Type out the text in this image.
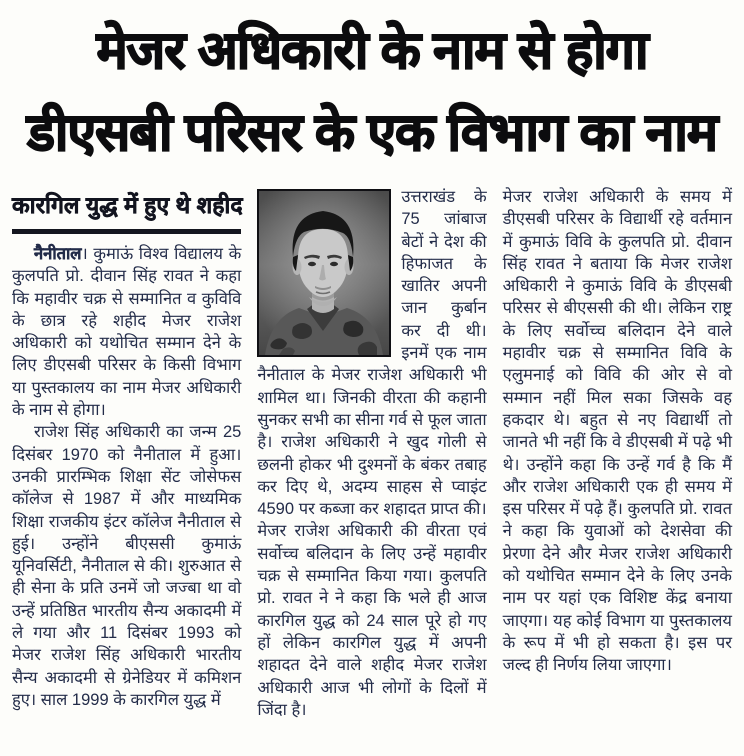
मेजर अधिकारी के नाम से होगा
डीएसबी परिसर के एक विभाग का नाम
कारगिल युद्ध में हुए थे शहीद

नैनीताल। कुमाऊं विश्व विद्यालय के कुलपति प्रो. दीवान सिंह रावत ने कहा कि महावीर चक्र से सम्मानित व कुविवि के छात्र रहे शहीद मेजर राजेश अधिकारी को यथोचित सम्मान देने के लिए डीएसबी परिसर के किसी विभाग या पुस्तकालय का नाम मेजर अधिकारी के नाम से होगा।

राजेश सिंह अधिकारी का जन्म 25 दिसंबर 1970 को नैनीताल में हुआ। उनकी प्रारम्भिक शिक्षा सेंट जोसेफस कॉलेज से 1987 में और माध्यमिक शिक्षा राजकीय इंटर कॉलेज नैनीताल से हुई। उन्होंने बीएससी कुमाऊं यूनिवर्सिटी, नैनीताल से की। शुरुआत से ही सेना के प्रति उनमें जो जज्बा था वो उन्हें प्रतिष्ठित भारतीय सैन्य अकादमी में ले गया और 11 दिसंबर 1993 को मेजर राजेश सिंह अधिकारी भारतीय सैन्य अकादमी से ग्रेनेडियर में कमिशन हुए। साल 1999 के कारगिल युद्ध में

उत्तराखंड के 75 जांबाज बेटों ने देश की हिफाजत के खातिर अपनी जान कुर्बान कर दी थी। इनमें एक नाम नैनीताल के मेजर राजेश अधिकारी भी शामिल था। जिनकी वीरता की कहानी सुनकर सभी का सीना गर्व से फूल जाता है। राजेश अधिकारी ने खुद गोली से छलनी होकर भी दुश्मनों के बंकर तबाह कर दिए थे, अदम्य साहस से प्वाइंट 4590 पर कब्जा कर शहादत प्राप्त की। मेजर राजेश अधिकारी की वीरता एवं सर्वोच्च बलिदान के लिए उन्हें महावीर चक्र से सम्मानित किया गया। कुलपति प्रो. रावत ने ने कहा कि भले ही आज कारगिल युद्ध को 24 साल पूरे हो गए हों लेकिन कारगिल युद्ध में अपनी शहादत देने वाले शहीद मेजर राजेश अधिकारी आज भी लोगों के दिलों में जिंदा है।

मेजर राजेश अधिकारी के समय में डीएसबी परिसर के विद्यार्थी रहे वर्तमान में कुमाऊं विवि के कुलपति प्रो. दीवान सिंह रावत ने बताया कि मेजर राजेश अधिकारी ने कुमाऊं विवि के डीएसबी परिसर से बीएससी की थी। लेकिन राष्ट्र के लिए सर्वोच्च बलिदान देने वाले महावीर चक्र से सम्मानित विवि के एलुमनाई को विवि की ओर से वो सम्मान नहीं मिल सका जिसके वह हकदार थे। बहुत से नए विद्यार्थी तो जानते भी नहीं कि वे डीएसबी में पढ़े भी थे। उन्होंने कहा कि उन्हें गर्व है कि मैं और राजेश अधिकारी एक ही समय में इस परिसर में पढ़े हैं। कुलपति प्रो. रावत ने कहा कि युवाओं को देशसेवा की प्रेरणा देने और मेजर राजेश अधिकारी को यथोचित सम्मान देने के लिए उनके नाम पर यहां एक विशिष्ट केंद्र बनाया जाएगा। यह कोई विभाग या पुस्तकालय के रूप में भी हो सकता है। इस पर जल्द ही निर्णय लिया जाएगा।
